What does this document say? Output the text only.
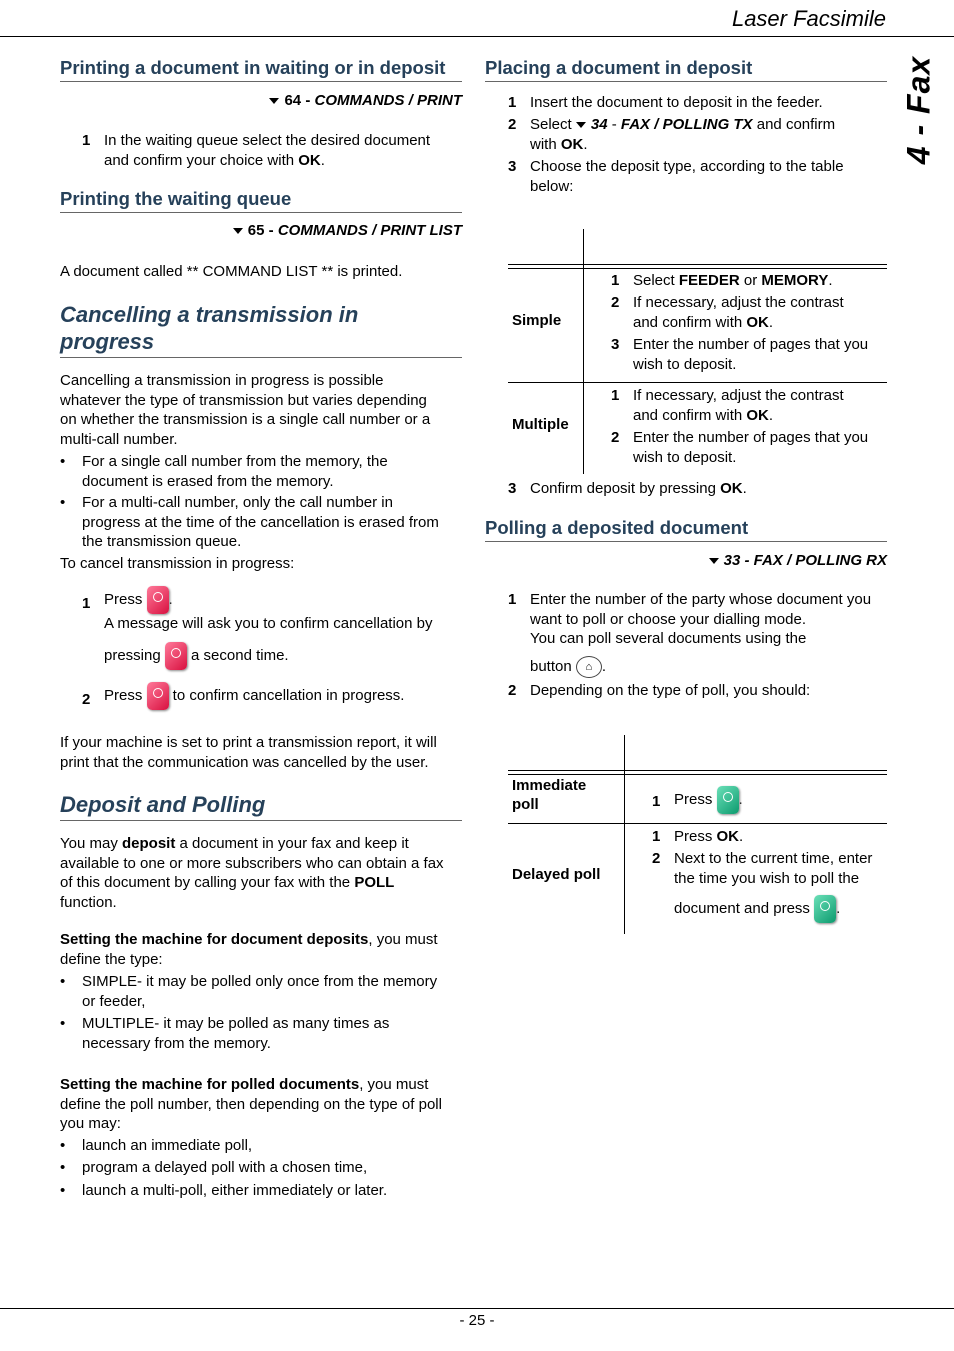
Laser Facsimile
4 - Fax
Printing a document in waiting or in deposit
64 - COMMANDS / PRINT
1 In the waiting queue select the desired document
and confirm your choice with OK.
Printing the waiting queue
65 - COMMANDS / PRINT LIST
A document called ** COMMAND LIST ** is printed.
Cancelling a transmission in
progress
Cancelling a transmission in progress is possible
whatever the type of transmission but varies depending
on whether the transmission is a single call number or a
multi-call number.
• For a single call number from the memory, the
document is erased from the memory.
• For a multi-call number, only the call number in
progress at the time of the cancellation is erased from
the transmission queue.
To cancel transmission in progress:
1 Press .
A message will ask you to confirm cancellation by
pressing  a second time.
2 Press  to confirm cancellation in progress.
If your machine is set to print a transmission report, it will
print that the communication was cancelled by the user.
Deposit and Polling
You may deposit a document in your fax and keep it
available to one or more subscribers who can obtain a fax
of this document by calling your fax with the POLL
function.
Setting the machine for document deposits, you must
define the type:
• SIMPLE- it may be polled only once from the memory
or feeder,
• MULTIPLE- it may be polled as many times as
necessary from the memory.
Setting the machine for polled documents, you must
define the poll number, then depending on the type of poll
you may:
• launch an immediate poll,
• program a delayed poll with a chosen time,
• launch a multi-poll, either immediately or later.
Placing a document in deposit
1 Insert the document to deposit in the feeder.
2 Select 34 - FAX / POLLING TX and confirm
with OK.
3 Choose the deposit type, according to the table
below:
Simple
Multiple
1 Select FEEDER or MEMORY.
2 If necessary, adjust the contrast
and confirm with OK.
3 Enter the number of pages that you
wish to deposit.
1 If necessary, adjust the contrast
and confirm with OK.
2 Enter the number of pages that you
wish to deposit.
3 Confirm deposit by pressing OK.
Polling a deposited document
33 - FAX / POLLING RX
1 Enter the number of the party whose document you
want to poll or choose your dialling mode.
You can poll several documents using the
button ⌂ .
2 Depending on the type of poll, you should:
Immediate
poll
Delayed poll
1 Press .
1 Press OK.
2 Next to the current time, enter
the time you wish to poll the
document and press .
- 25 -
